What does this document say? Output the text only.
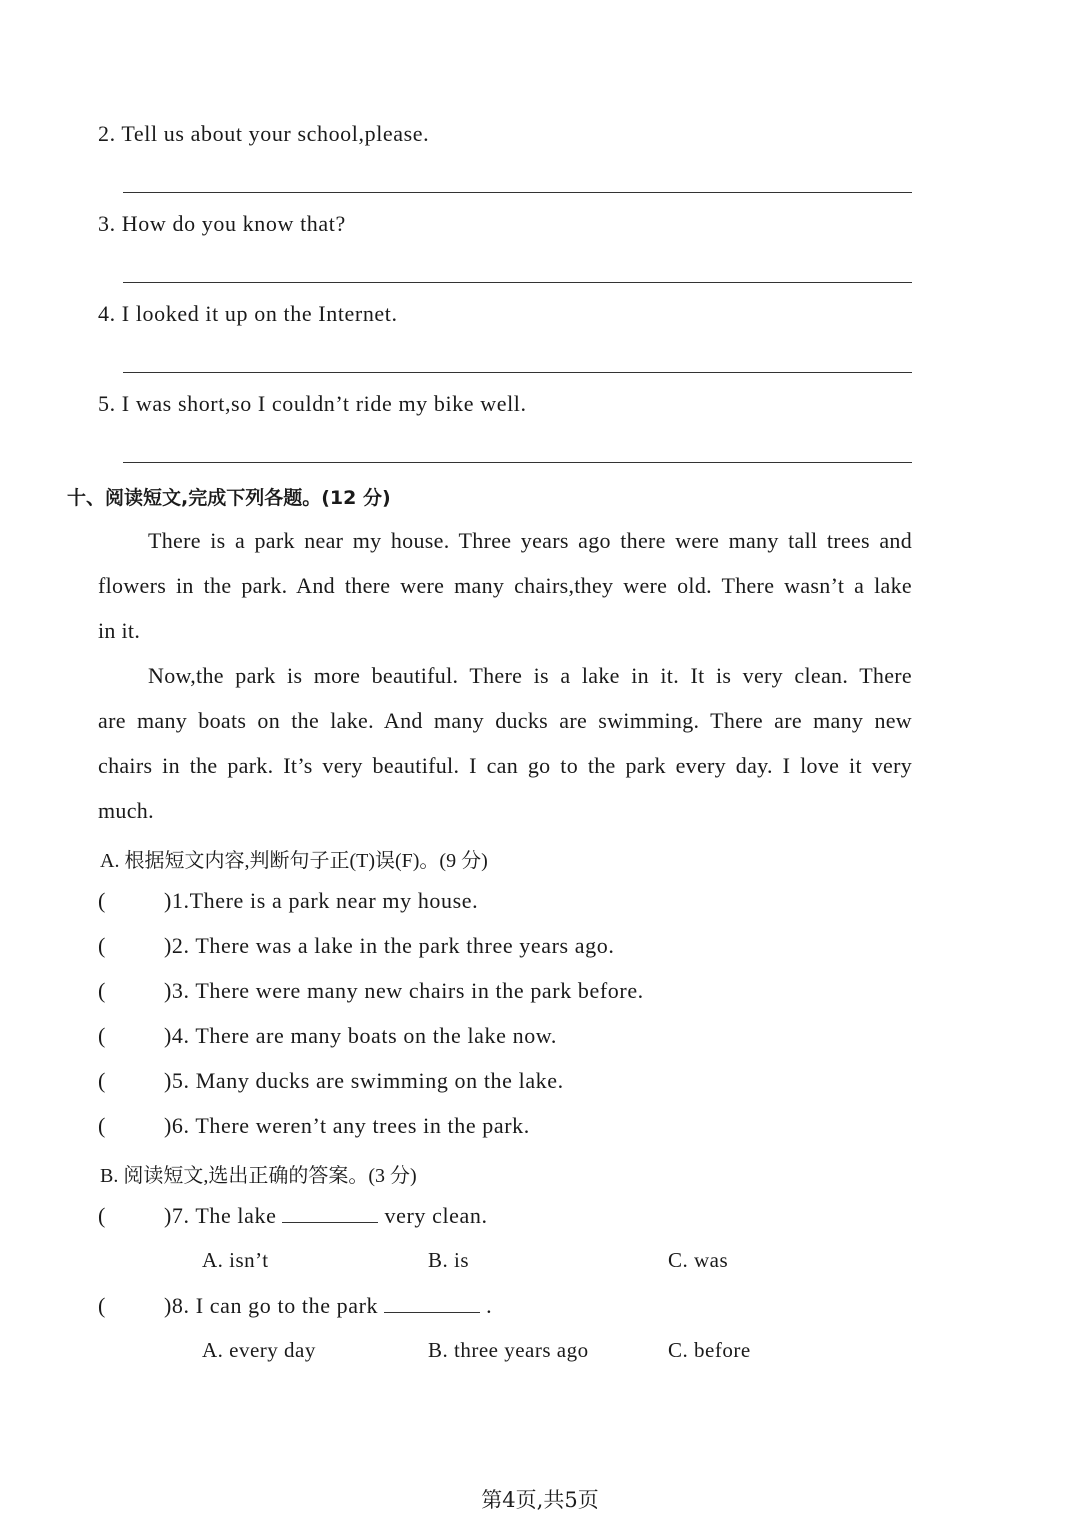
2. Tell us about your school,please.
3. How do you know that?
4. I looked it up on the Internet.
5. I was short,so I couldn’t ride my bike well.
十、阅读短文,完成下列各题。(12 分)
There is a park near my house. Three years ago there were many tall trees and
flowers in the park. And there were many chairs,they were old. There wasn’t a lake
in it.
Now,the park is more beautiful. There is a lake in it. It is very clean. There
are many boats on the lake. And many ducks are swimming. There are many new
chairs in the park. It’s very beautiful. I can go to the park every day. I love it very
much.
A. 根据短文内容,判断句子正(T)误(F)。(9 分)
(	)1.There is a park near my house.
(	)2. There was a lake in the park three years ago.
(	)3. There were many new chairs in the park before.
(	)4. There are many boats on the lake now.
(	)5. Many ducks are swimming on the lake.
(	)6. There weren’t any trees in the park.
B. 阅读短文,选出正确的答案。(3 分)
(	)7. The lake	very clean.
A. isn’t	B. is	C. was
(	)8. I can go to the park	.
A. every day	B. three years ago	C. before
第4页,共5页
